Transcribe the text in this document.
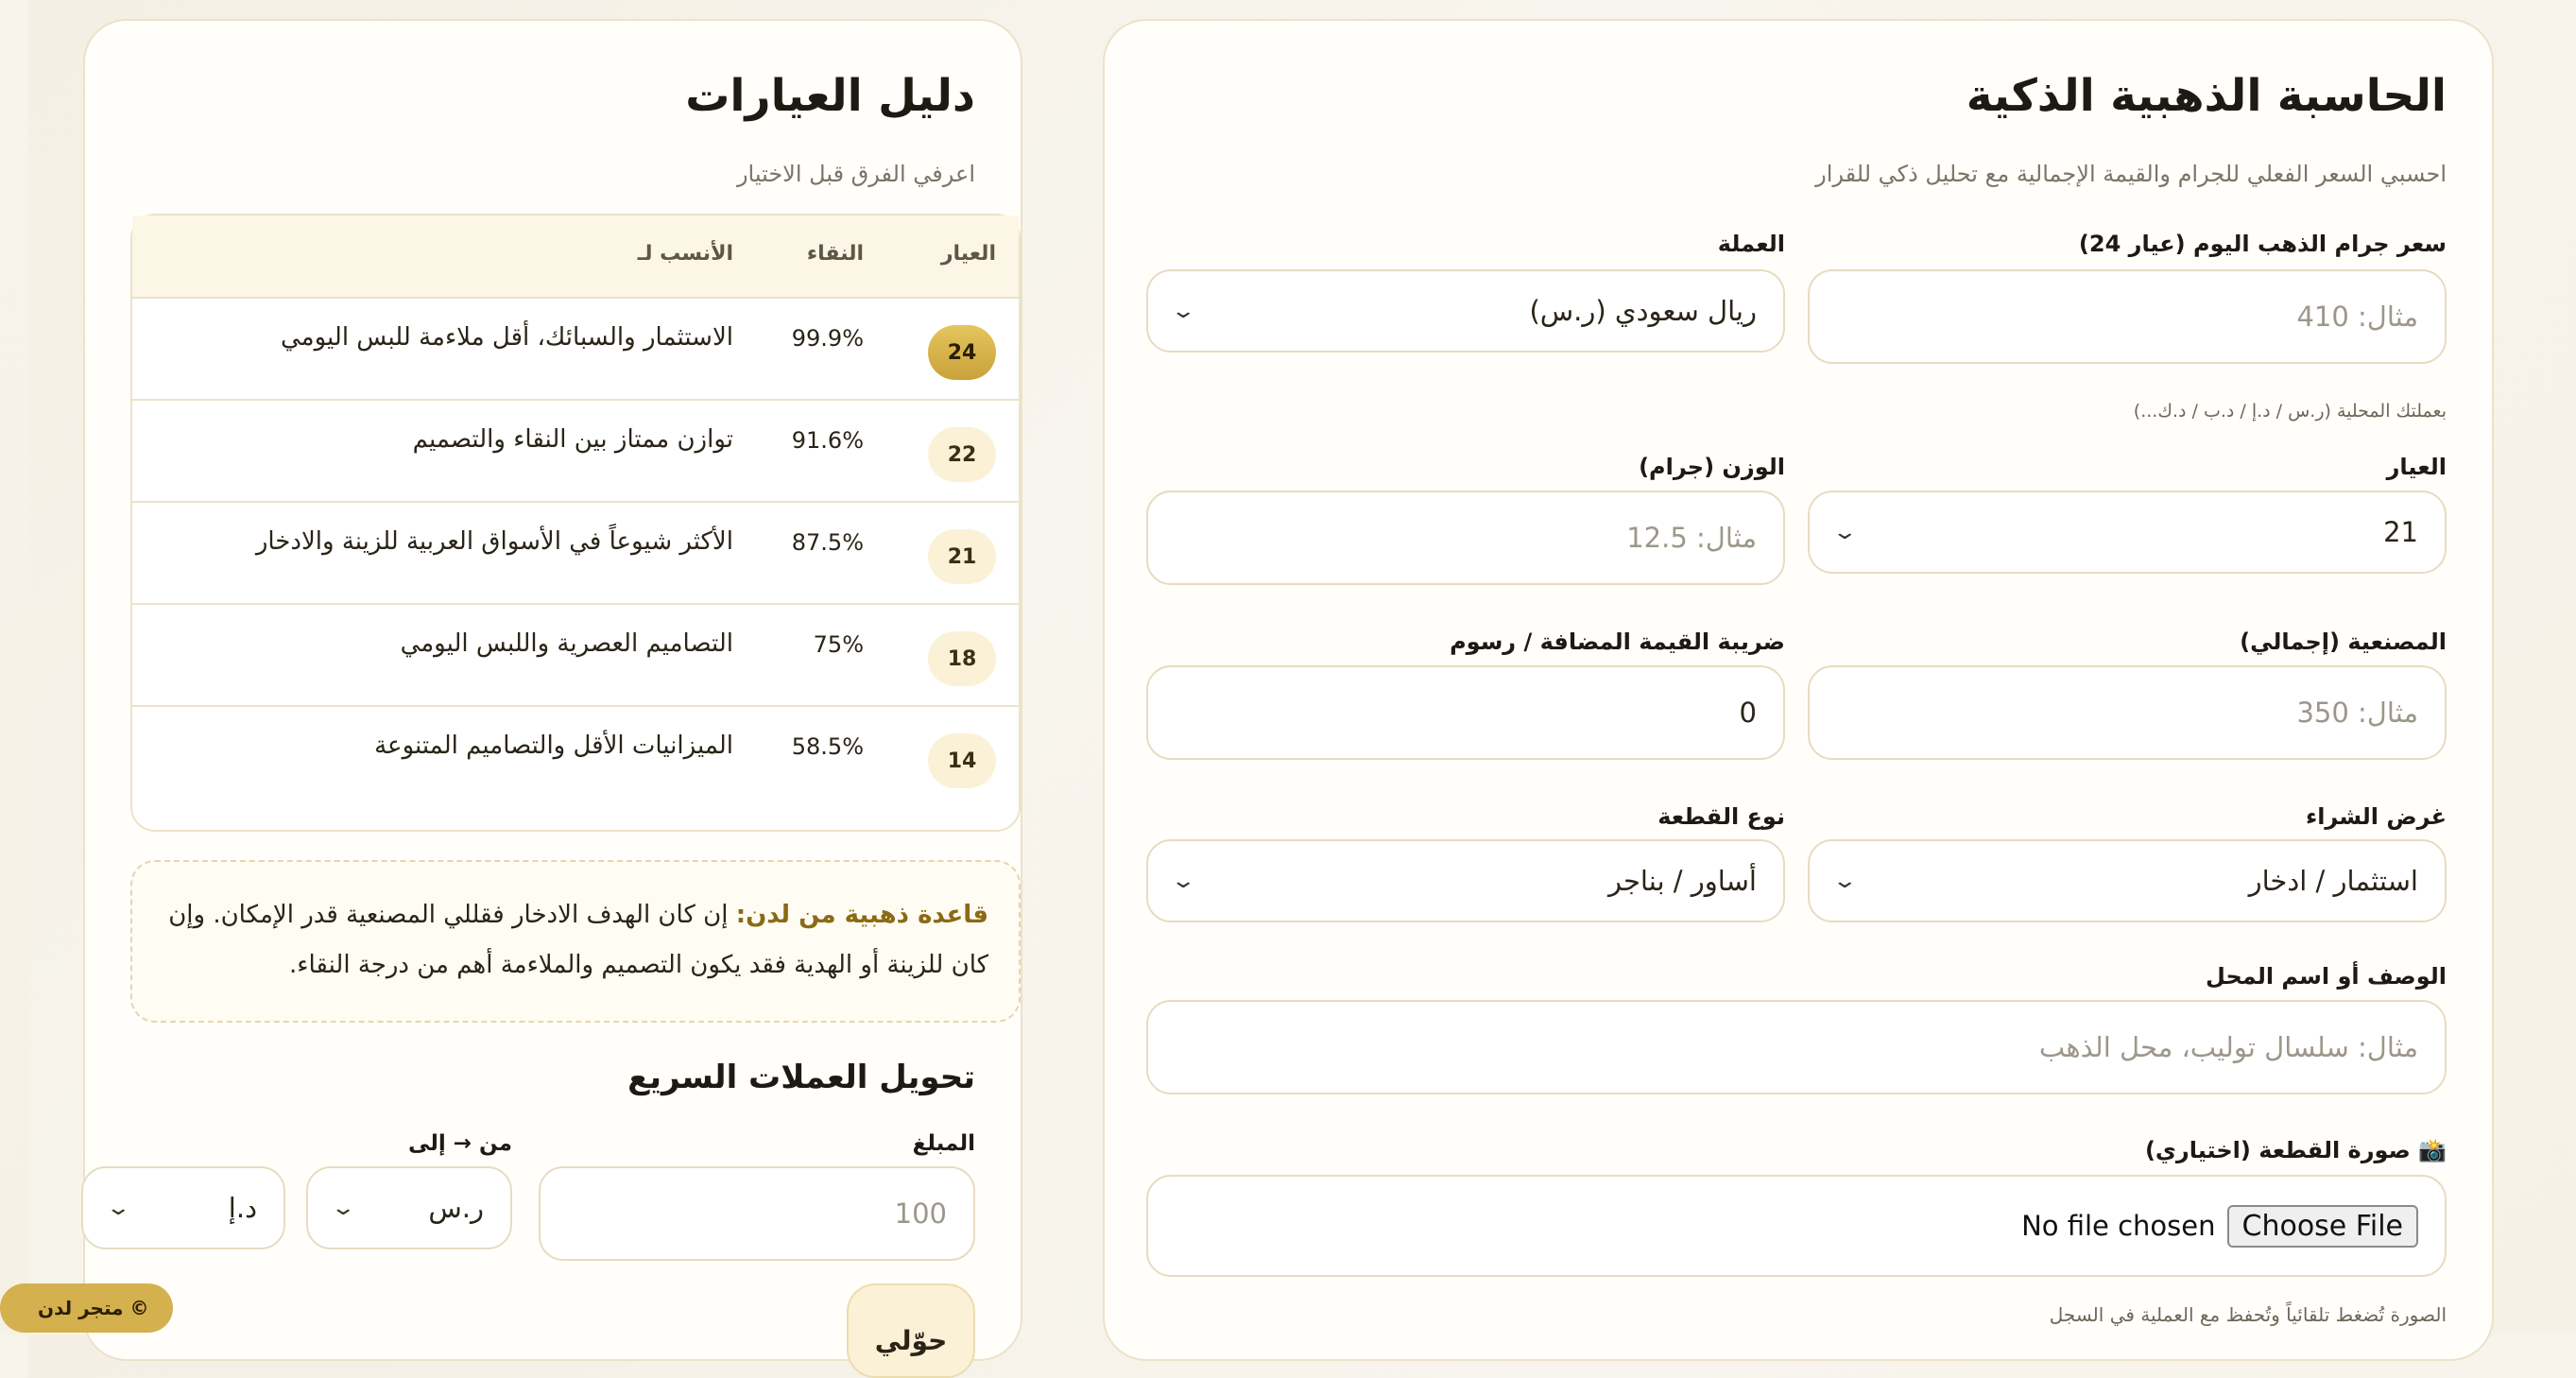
الحاسبة الذهبية الذكية
احسبي السعر الفعلي للجرام والقيمة الإجمالية مع تحليل ذكي للقرار
سعر جرام الذهب اليوم (عيار 24)
مثال: 410
بعملتك المحلية (ر.س / د.إ / د.ب / د.ك...)
العملة
ريال سعودي (ر.س)
⌄
العيار
21
⌄
الوزن (جرام)
مثال: 12.5
المصنعية (إجمالي)
مثال: 350
ضريبة القيمة المضافة / رسوم
0
غرض الشراء
استثمار / ادخار
⌄
نوع القطعة
أساور / بناجر
⌄
الوصف أو اسم المحل
مثال: سلسال توليب، محل الذهب
📸 صورة القطعة (اختياري)
Choose File
No file chosen
الصورة تُضغط تلقائياً وتُحفظ مع العملية في السجل
دليل العيارات
اعرفي الفرق قبل الاختيار
العيار
النقاء
الأنسب لـ
24
99.9%
الاستثمار والسبائك، أقل ملاءمة للبس اليومي
22
91.6%
توازن ممتاز بين النقاء والتصميم
21
87.5%
الأكثر شيوعاً في الأسواق العربية للزينة والادخار
18
75%
التصاميم العصرية واللبس اليومي
14
58.5%
الميزانيات الأقل والتصاميم المتنوعة
قاعدة ذهبية من لدن: إن كان الهدف الادخار فقللي المصنعية قدر الإمكان. وإن كان للزينة أو الهدية فقد يكون التصميم والملاءمة أهم من درجة النقاء.
تحويل العملات السريع
المبلغ
100
من → إلى
ر.س
⌄
د.إ
⌄
حوّلي
© متجر لدن
